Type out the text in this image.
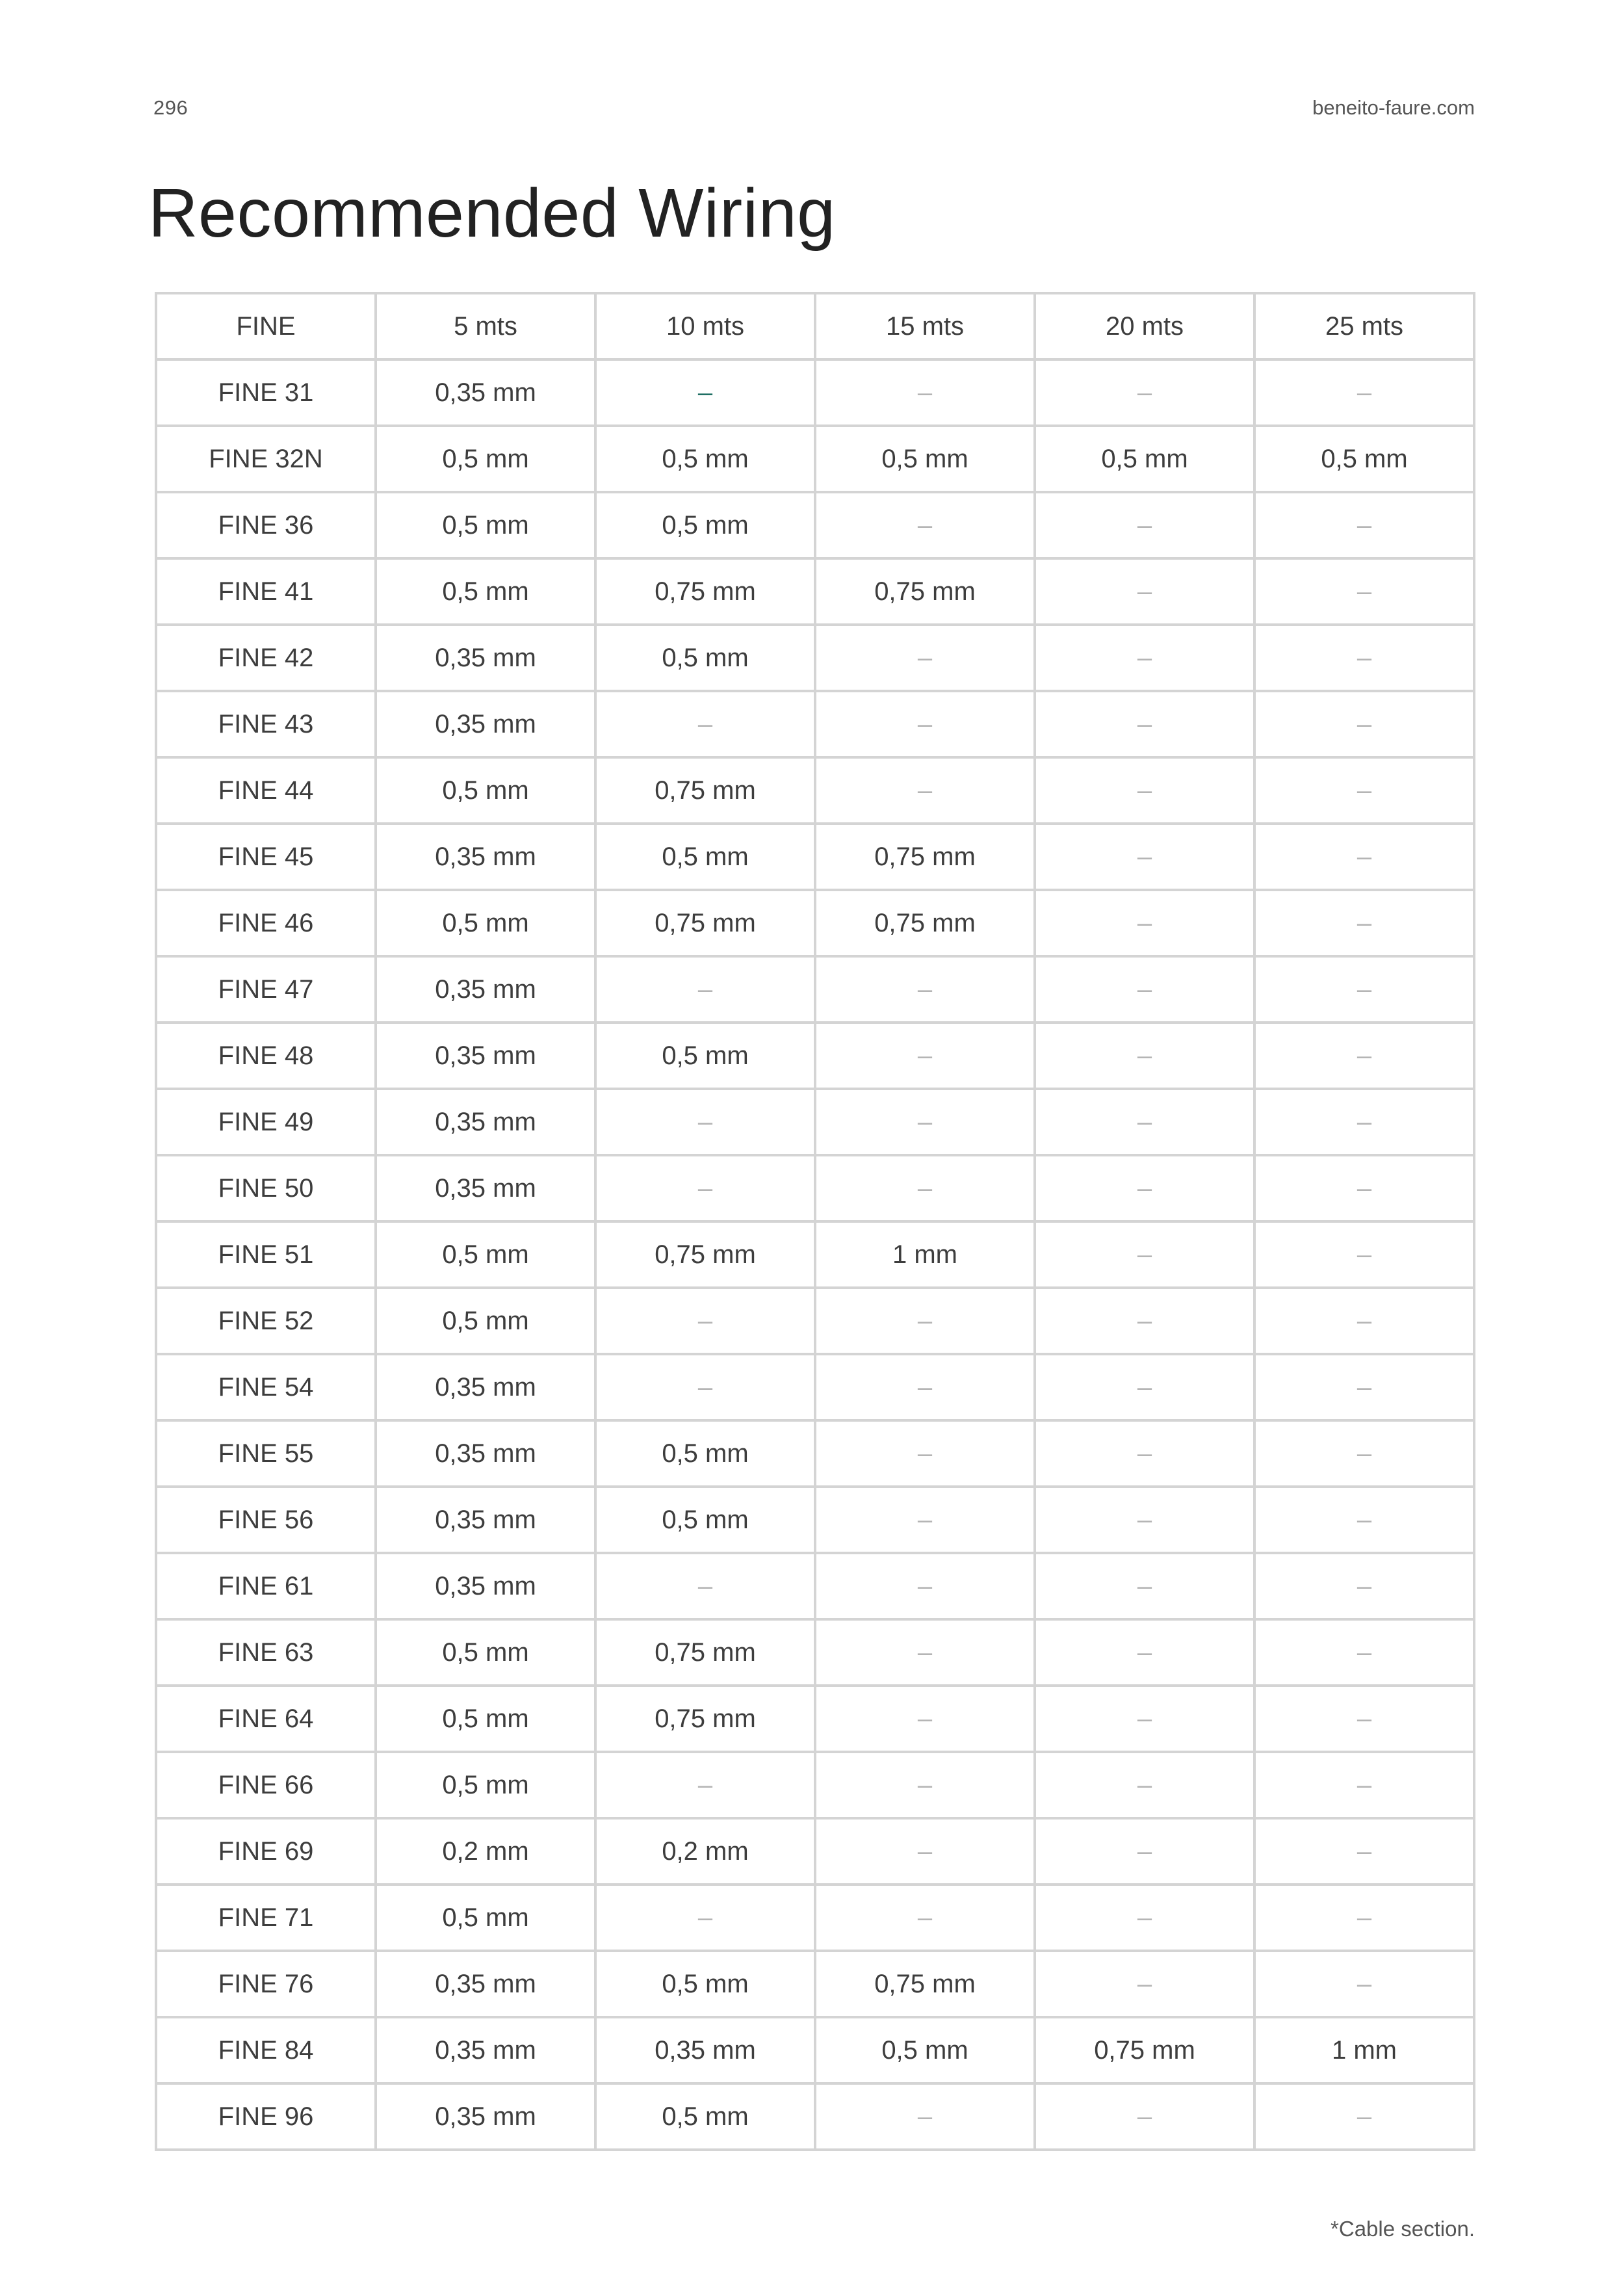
296	beneito-faure.com
Recommended Wiring
FINE	5 mts	10 mts	15 mts	20 mts	25 mts
FINE 31	0,35 mm	–	–	–	–
FINE 32N	0,5 mm	0,5 mm	0,5 mm	0,5 mm	0,5 mm
FINE 36	0,5 mm	0,5 mm	–	–	–
FINE 41	0,5 mm	0,75 mm	0,75 mm	–	–
FINE 42	0,35 mm	0,5 mm	–	–	–
FINE 43	0,35 mm	–	–	–	–
FINE 44	0,5 mm	0,75 mm	–	–	–
FINE 45	0,35 mm	0,5 mm	0,75 mm	–	–
FINE 46	0,5 mm	0,75 mm	0,75 mm	–	–
FINE 47	0,35 mm	–	–	–	–
FINE 48	0,35 mm	0,5 mm	–	–	–
FINE 49	0,35 mm	–	–	–	–
FINE 50	0,35 mm	–	–	–	–
FINE 51	0,5 mm	0,75 mm	1 mm	–	–
FINE 52	0,5 mm	–	–	–	–
FINE 54	0,35 mm	–	–	–	–
FINE 55	0,35 mm	0,5 mm	–	–	–
FINE 56	0,35 mm	0,5 mm	–	–	–
FINE 61	0,35 mm	–	–	–	–
FINE 63	0,5 mm	0,75 mm	–	–	–
FINE 64	0,5 mm	0,75 mm	–	–	–
FINE 66	0,5 mm	–	–	–	–
FINE 69	0,2 mm	0,2 mm	–	–	–
FINE 71	0,5 mm	–	–	–	–
FINE 76	0,35 mm	0,5 mm	0,75 mm	–	–
FINE 84	0,35 mm	0,35 mm	0,5 mm	0,75 mm	1 mm
FINE 96	0,35 mm	0,5 mm	–	–	–
*Cable section.
